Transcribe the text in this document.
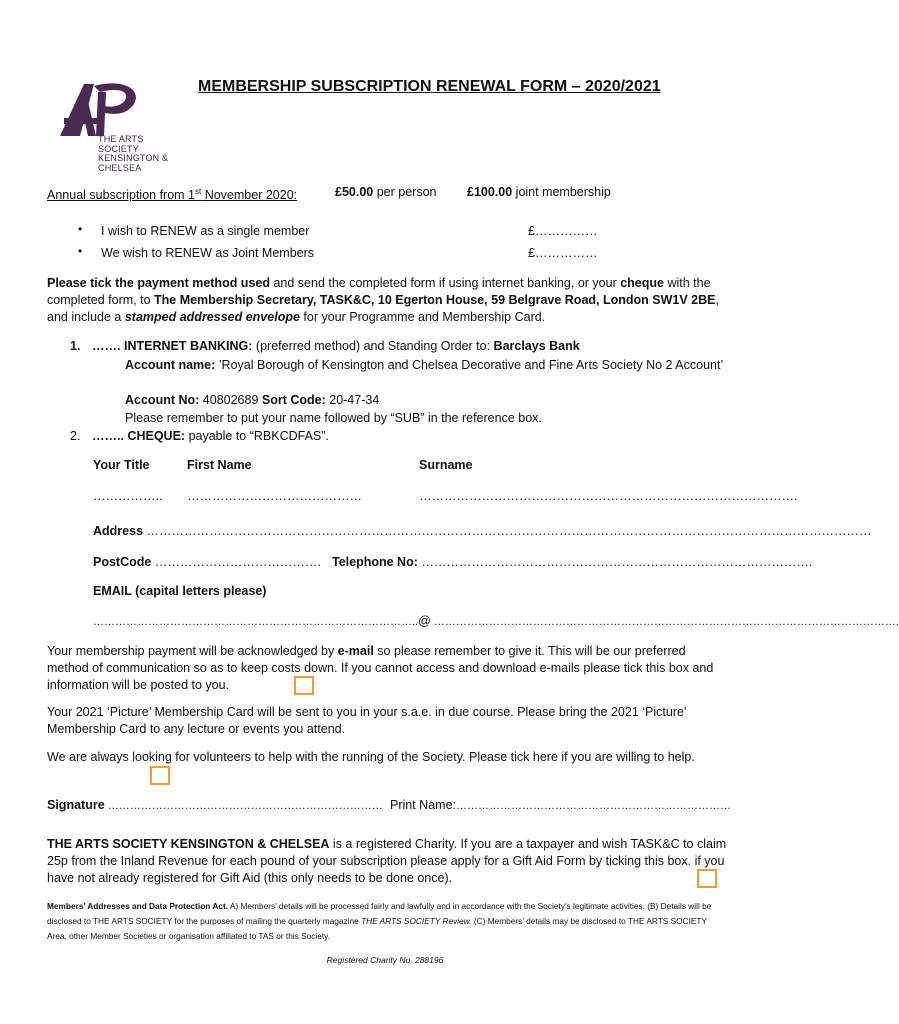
THE ARTS
SOCIETY
KENSINGTON &
CHELSEA
MEMBERSHIP SUBSCRIPTION RENEWAL FORM – 2020/2021
Annual subscription from 1st November 2020:	£50.00 per person £100.00 joint membership
• I wish to RENEW as a single member	£……………
• We wish to RENEW as Joint Members	£……………
Please tick the payment method used and send the completed form if using internet banking, or your cheque with the completed form, to The Membership Secretary, TASK&C, 10 Egerton House, 59 Belgrave Road, London SW1V 2BE, and include a stamped addressed envelope for your Programme and Membership Card.
1. ……. INTERNET BANKING: (preferred method) and Standing Order to: Barclays Bank
Account name: ’Royal Borough of Kensington and Chelsea Decorative and Fine Arts Society No 2 Account’
Account No: 40802689 Sort Code: 20-47-34
Please remember to put your name followed by “SUB” in the reference box.
2. …….. CHEQUE: payable to “RBKCDFAS”.
Your Title	First Name	Surname
…………….. ……………………………………	……………………………………………………………………………….
Address …………………………………………………………………………………………………………………………………………………………
PostCode …………………………………. Telephone No: ………………………………………………………………………………….
EMAIL (capital letters please)
……………………………………………………………………………..@ ……………………………………………………………………………………………………………….
Your membership payment will be acknowledged by e-mail so please remember to give it. This will be our preferred method of communication so as to keep costs down. If you cannot access and download e-mails please tick this box and information will be posted to you.
Your 2021 ‘Picture’ Membership Card will be sent to you in your s.a.e. in due course. Please bring the 2021 ‘Picture’ Membership Card to any lecture or events you attend.
We are always looking for volunteers to help with the running of the Society. Please tick here if you are willing to help.
Signature ………………………………………………………………… Print Name:…………………………………………………………………
THE ARTS SOCIETY KENSINGTON & CHELSEA is a registered Charity. If you are a taxpayer and wish TASK&C to claim 25p from the Inland Revenue for each pound of your subscription please apply for a Gift Aid Form by ticking this box. if you have not already registered for Gift Aid (this only needs to be done once).
Members’ Addresses and Data Protection Act. A) Members’ details will be processed fairly and lawfully and in accordance with the Society’s legitimate activities. (B) Details will be disclosed to THE ARTS SOCIETY for the purposes of mailing the quarterly magazine THE ARTS SOCIETY Review. (C) Members’ details may be disclosed to THE ARTS SOCIETY Area, other Member Societies or organisation affiliated to TAS or this Society.
Registered Charity No. 288196
